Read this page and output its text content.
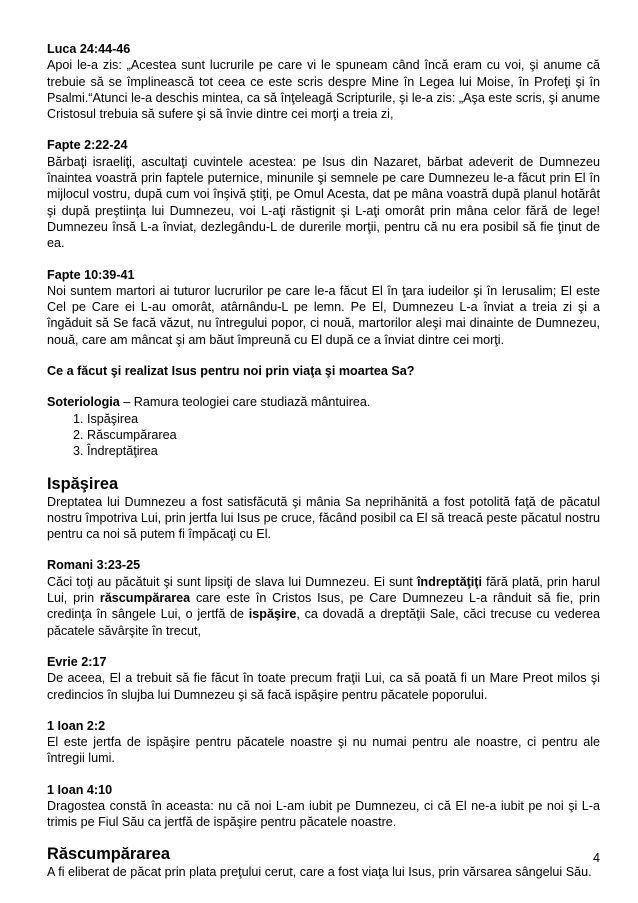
Luca 24:44-46

Apoi le-a zis: „Acestea sunt lucrurile pe care vi le spuneam când încă eram cu voi, şi anume că trebuie să se împlinească tot ceea ce este scris despre Mine în Legea lui Moise, în Profeţi şi în Psalmi.“Atunci le-a deschis mintea, ca să înţeleagă Scripturile, şi le-a zis: „Aşa este scris, şi anume Cristosul trebuia să sufere şi să învie dintre cei morţi a treia zi,

Fapte 2:22-24

Bărbaţi israeliţi, ascultaţi cuvintele acestea: pe Isus din Nazaret, bărbat adeverit de Dumnezeu înaintea voastră prin faptele puternice, minunile şi semnele pe care Dumnezeu le-a făcut prin El în mijlocul vostru, după cum voi înşivă ştiţi, pe Omul Acesta, dat pe mâna voastră după planul hotărât şi după preştiinţa lui Dumnezeu, voi L-aţi răstignit şi L-aţi omorât prin mâna celor fără de lege! Dumnezeu însă L-a înviat, dezlegându-L de durerile morţii, pentru că nu era posibil să fie ţinut de ea.

Fapte 10:39-41

Noi suntem martori ai tuturor lucrurilor pe care le-a făcut El în ţara iudeilor şi în Ierusalim; El este Cel pe Care ei L-au omorât, atârnându-L pe lemn. Pe El, Dumnezeu L-a înviat a treia zi şi a îngăduit să Se facă văzut, nu întregului popor, ci nouă, martorilor aleşi mai dinainte de Dumnezeu, nouă, care am mâncat şi am băut împreună cu El după ce a înviat dintre cei morţi.

Ce a făcut şi realizat Isus pentru noi prin viaţa şi moartea Sa?

Soteriologia – Ramura teologiei care studiază mântuirea.

1. Ispăşirea
2. Răscumpărarea
3. Îndreptăţirea
Ispăşirea

Dreptatea lui Dumnezeu a fost satisfăcută şi mânia Sa neprihănită a fost potolită faţă de păcatul nostru împotriva Lui, prin jertfa lui Isus pe cruce, făcând posibil ca El să treacă peste păcatul nostru pentru ca noi să putem fi împăcaţi cu El.

Romani 3:23-25

Căci toţi au păcătuit şi sunt lipsiţi de slava lui Dumnezeu. Ei sunt îndreptăţiţi fără plată, prin harul Lui, prin răscumpărarea care este în Cristos Isus, pe Care Dumnezeu L-a rânduit să fie, prin credinţa în sângele Lui, o jertfă de ispăşire, ca dovadă a dreptăţii Sale, căci trecuse cu vederea păcatele săvârşite în trecut,

Evrie 2:17

De aceea, El a trebuit să fie făcut în toate precum fraţii Lui, ca să poată fi un Mare Preot milos şi credincios în slujba lui Dumnezeu şi să facă ispăşire pentru păcatele poporului.

1 Ioan 2:2

El este jertfa de ispăşire pentru păcatele noastre şi nu numai pentru ale noastre, ci pentru ale întregii lumi.

1 Ioan 4:10

Dragostea constă în aceasta: nu că noi L-am iubit pe Dumnezeu, ci că El ne-a iubit pe noi şi L-a trimis pe Fiul Său ca jertfă de ispăşire pentru păcatele noastre.

Răscumpărarea

A fi eliberat de păcat prin plata preţului cerut, care a fost viaţa lui Isus, prin vărsarea sângelui Său.

4
